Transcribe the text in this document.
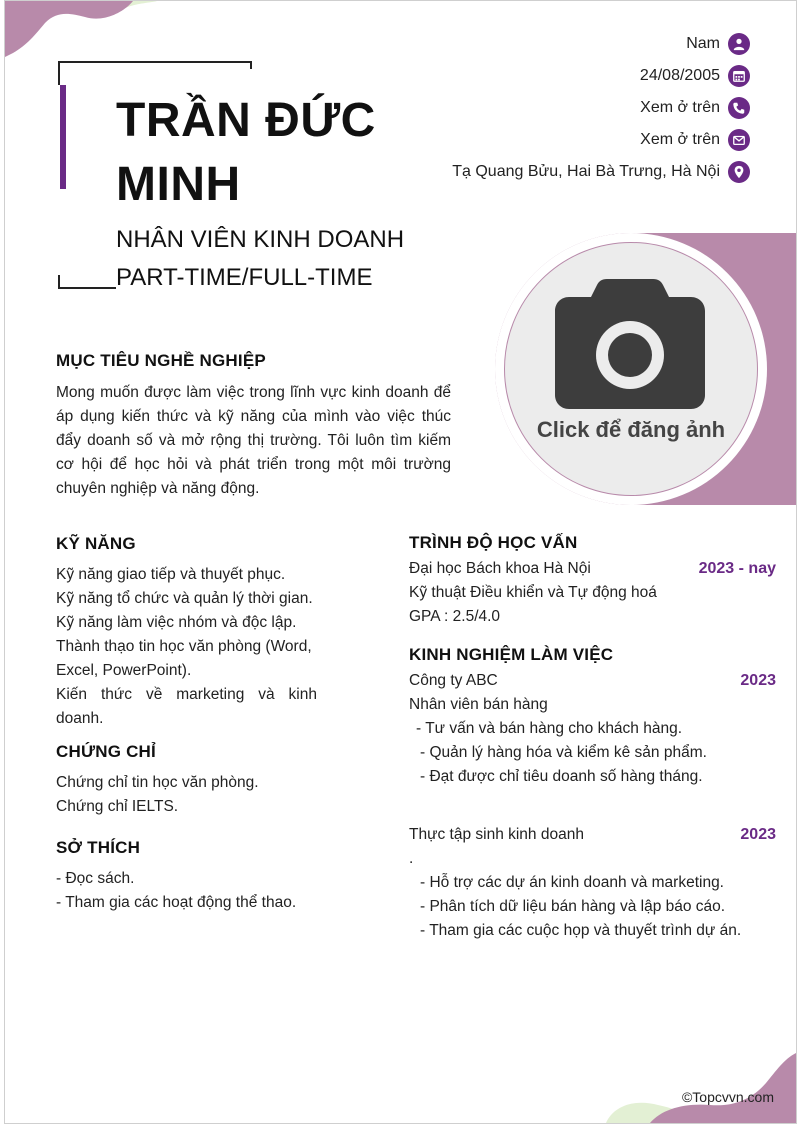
TRẦN ĐỨC MINH
NHÂN VIÊN KINH DOANH PART-TIME/FULL-TIME
Nam
24/08/2005
Xem ở trên
Xem ở trên
Tạ Quang Bửu, Hai Bà Trưng, Hà Nội
Click để đăng ảnh
MỤC TIÊU NGHỀ NGHIỆP
Mong muốn được làm việc trong lĩnh vực kinh doanh để áp dụng kiến thức và kỹ năng của mình vào việc thúc đẩy doanh số và mở rộng thị trường. Tôi luôn tìm kiếm cơ hội để học hỏi và phát triển trong một môi trường chuyên nghiệp và năng động.
KỸ NĂNG
Kỹ năng giao tiếp và thuyết phục.
Kỹ năng tổ chức và quản lý thời gian.
Kỹ năng làm việc nhóm và độc lập.
Thành thạo tin học văn phòng (Word, Excel, PowerPoint).
Kiến thức về marketing và kinh doanh.
CHỨNG CHỈ
Chứng chỉ tin học văn phòng.
Chứng chỉ IELTS.
SỞ THÍCH
- Đọc sách.
- Tham gia các hoạt động thể thao.
TRÌNH ĐỘ HỌC VẤN
Đại học Bách khoa Hà Nội	2023 - nay
Kỹ thuật Điều khiển và Tự động hoá
GPA : 2.5/4.0
KINH NGHIỆM LÀM VIỆC
Công ty ABC	2023
Nhân viên bán hàng
- Tư vấn và bán hàng cho khách hàng.
- Quản lý hàng hóa và kiểm kê sản phẩm.
- Đạt được chỉ tiêu doanh số hàng tháng.
Thực tập sinh kinh doanh	2023
.
- Hỗ trợ các dự án kinh doanh và marketing.
- Phân tích dữ liệu bán hàng và lập báo cáo.
- Tham gia các cuộc họp và thuyết trình dự án.
©Topcvvn.com
